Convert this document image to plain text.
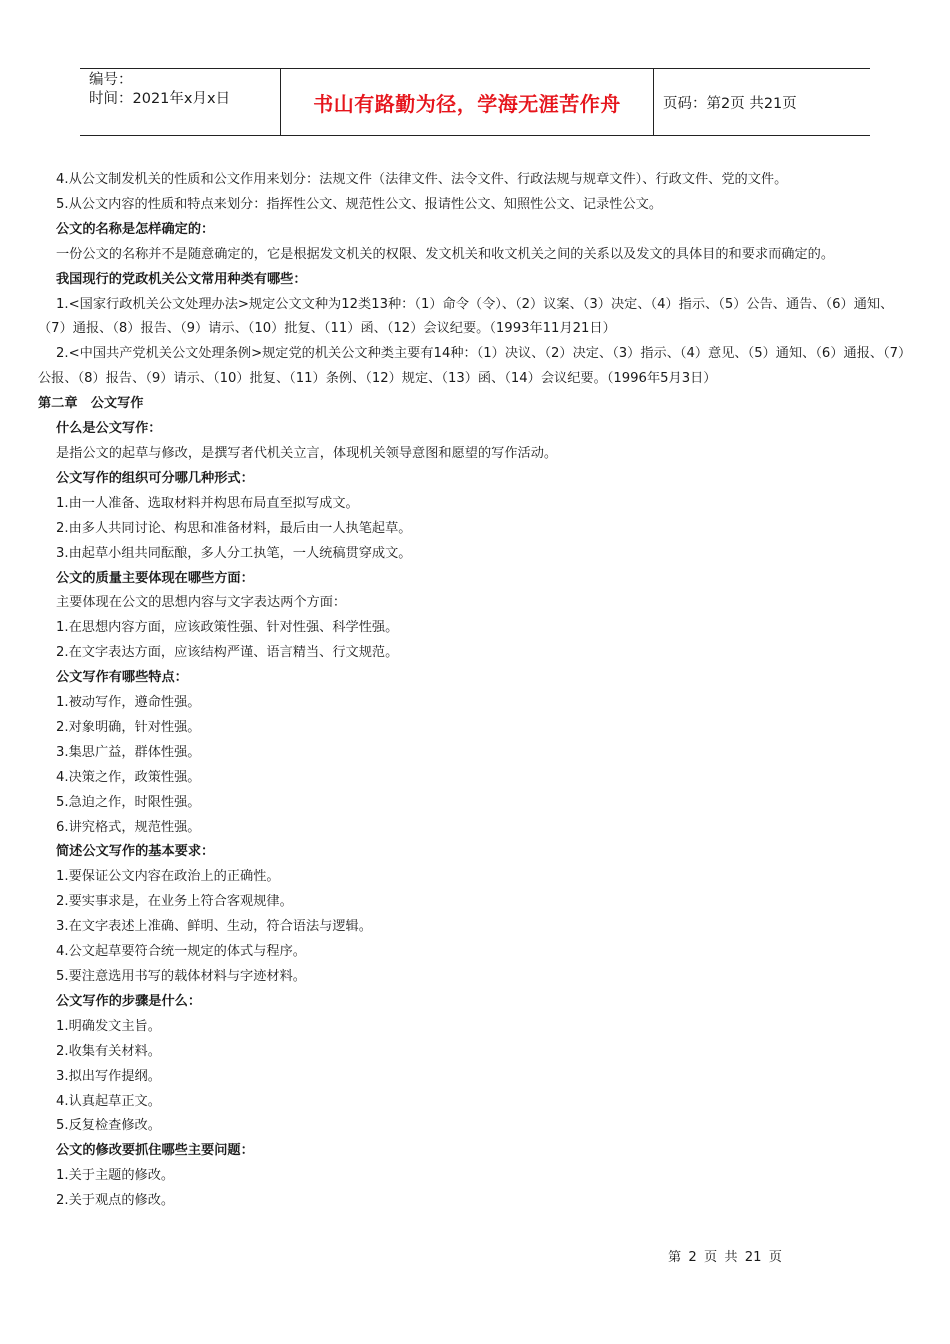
编号：
时间：2021年x月x日	书山有路勤为径，学海无涯苦作舟	页码：第2页 共21页

4.从公文制发机关的性质和公文作用来划分：法规文件（法律文件、法令文件、行政法规与规章文件）、行政文件、党的文件。

5.从公文内容的性质和特点来划分：指挥性公文、规范性公文、报请性公文、知照性公文、记录性公文。

公文的名称是怎样确定的：

一份公文的名称并不是随意确定的，它是根据发文机关的权限、发文机关和收文机关之间的关系以及发文的具体目的和要求而确定的。

我国现行的党政机关公文常用种类有哪些：

1.<国家行政机关公文处理办法>规定公文文种为12类13种：（1）命令（令）、（2）议案、（3）决定、（4）指示、（5）公告、通告、（6）通知、（7）通报、（8）报告、（9）请示、（10）批复、（11）函、（12）会议纪要。（1993年11月21日）

2.<中国共产党机关公文处理条例>规定党的机关公文种类主要有14种：（1）决议、（2）决定、（3）指示、（4）意见、（5）通知、（6）通报、（7）公报、（8）报告、（9）请示、（10）批复、（11）条例、（12）规定、（13）函、（14）会议纪要。（1996年5月3日）

第二章　公文写作

什么是公文写作：

是指公文的起草与修改，是撰写者代机关立言，体现机关领导意图和愿望的写作活动。

公文写作的组织可分哪几种形式：

1.由一人准备、选取材料并构思布局直至拟写成文。

2.由多人共同讨论、构思和准备材料，最后由一人执笔起草。

3.由起草小组共同酝酿，多人分工执笔，一人统稿贯穿成文。

公文的质量主要体现在哪些方面：

主要体现在公文的思想内容与文字表达两个方面：

1.在思想内容方面，应该政策性强、针对性强、科学性强。

2.在文字表达方面，应该结构严谨、语言精当、行文规范。

公文写作有哪些特点：

1.被动写作，遵命性强。

2.对象明确，针对性强。

3.集思广益，群体性强。

4.决策之作，政策性强。

5.急迫之作，时限性强。

6.讲究格式，规范性强。

简述公文写作的基本要求：

1.要保证公文内容在政治上的正确性。

2.要实事求是，在业务上符合客观规律。

3.在文字表述上准确、鲜明、生动，符合语法与逻辑。

4.公文起草要符合统一规定的体式与程序。

5.要注意选用书写的载体材料与字迹材料。

公文写作的步骤是什么：

1.明确发文主旨。

2.收集有关材料。

3.拟出写作提纲。

4.认真起草正文。

5.反复检查修改。

公文的修改要抓住哪些主要问题：

1.关于主题的修改。

2.关于观点的修改。

第 2 页 共 21 页
